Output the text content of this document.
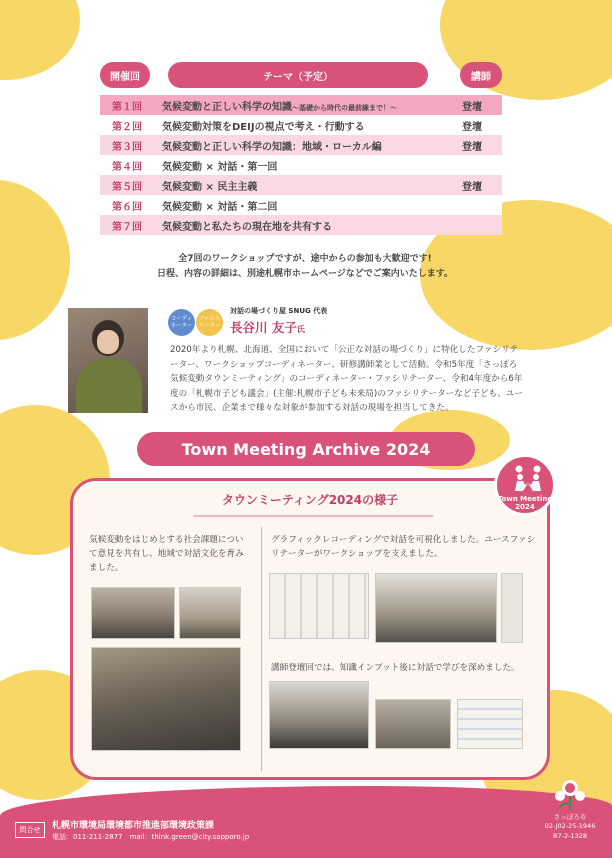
開催回	テーマ（予定）	講師
第１回	気候変動と正しい科学の知識～基礎から時代の最前線まで！～	登壇
第２回	気候変動対策をDEIJの視点で考え・行動する	登壇
第３回	気候変動と正しい科学の知識：地域・ローカル編	登壇
第４回	気候変動 × 対話・第一回
第５回	気候変動 × 民主主義	登壇
第６回	気候変動 × 対話・第二回
第７回	気候変動と私たちの現在地を共有する
全7回のワークショップですが、途中からの参加も大歓迎です!
日程、内容の詳細は、別途札幌市ホームページなどでご案内いたします。
コーディネーター
ファシリテーター
対話の場づくり屋 SNUG 代表
長谷川 友子氏
2020年より札幌、北海道、全国において「公正な対話の場づくり」に特化したファシリテーター、ワークショップコーディネーター、研修講師業として活動。令和5年度「さっぽろ気候変動タウンミーティング」のコーディネーター・ファシリテーター、令和4年度から6年度の「札幌市子ども議会」(主催:札幌市子ども未来局)のファシリテーターなど子ども、ユースから市民、企業まで様々な対象が参加する対話の現場を担当してきた。
Town Meeting Archive 2024
タウンミーティング2024の様子
気候変動をはじめとする社会課題について意見を共有し、地域で対話文化を育みました。
グラフィックレコーディングで対話を可視化しました。ユースファシリテーターがワークショップを支えました。
講師登壇回では、知識インプット後に対話で学びを深めました。
Town Meeting
2024
問合せ	札幌市環境局環境都市推進部環境政策課
電話：011-211-2877　mail：think.green@city.sapporo.jp
さっぽろ市
02-J02-25-1946
R7-2-1328
